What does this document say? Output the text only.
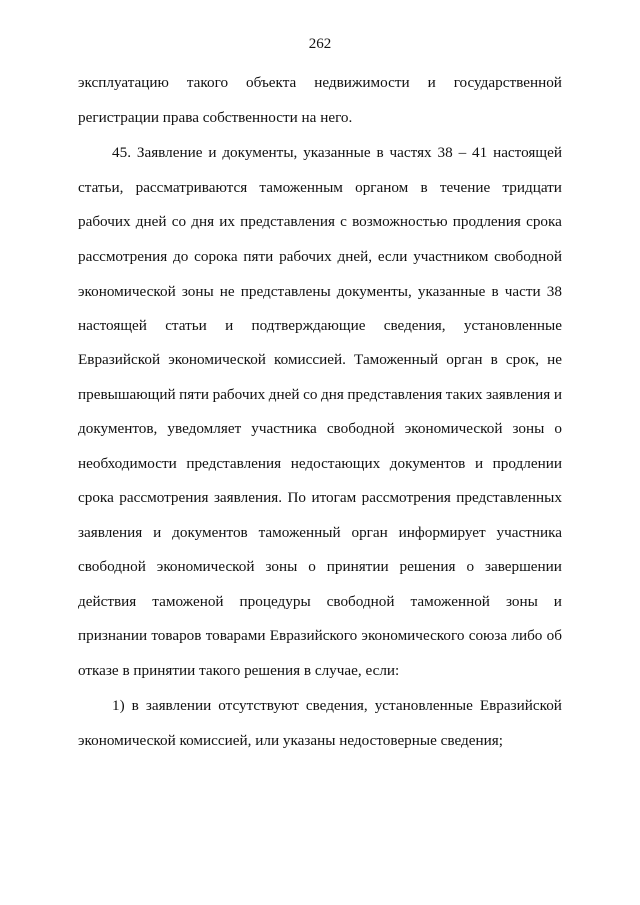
262
эксплуатацию такого объекта недвижимости и государственной
регистрации права собственности на него.
45. Заявление и документы, указанные в частях 38 – 41 настоящей
статьи, рассматриваются таможенным органом в течение тридцати
рабочих дней со дня их представления с возможностью продления срока
рассмотрения до сорока пяти рабочих дней, если участником свободной
экономической зоны не представлены документы, указанные в части 38
настоящей статьи и подтверждающие сведения, установленные
Евразийской экономической комиссией. Таможенный орган в срок, не
превышающий пяти рабочих дней со дня представления таких заявления и
документов, уведомляет участника свободной экономической зоны о
необходимости представления недостающих документов и продлении
срока рассмотрения заявления. По итогам рассмотрения представленных
заявления и документов таможенный орган информирует участника
свободной экономической зоны о принятии решения о завершении
действия таможеной процедуры свободной таможенной зоны и
признании товаров товарами Евразийского экономического союза либо об
отказе в принятии такого решения в случае, если:
1) в заявлении отсутствуют сведения, установленные Евразийской
экономической комиссией, или указаны недостоверные сведения;
